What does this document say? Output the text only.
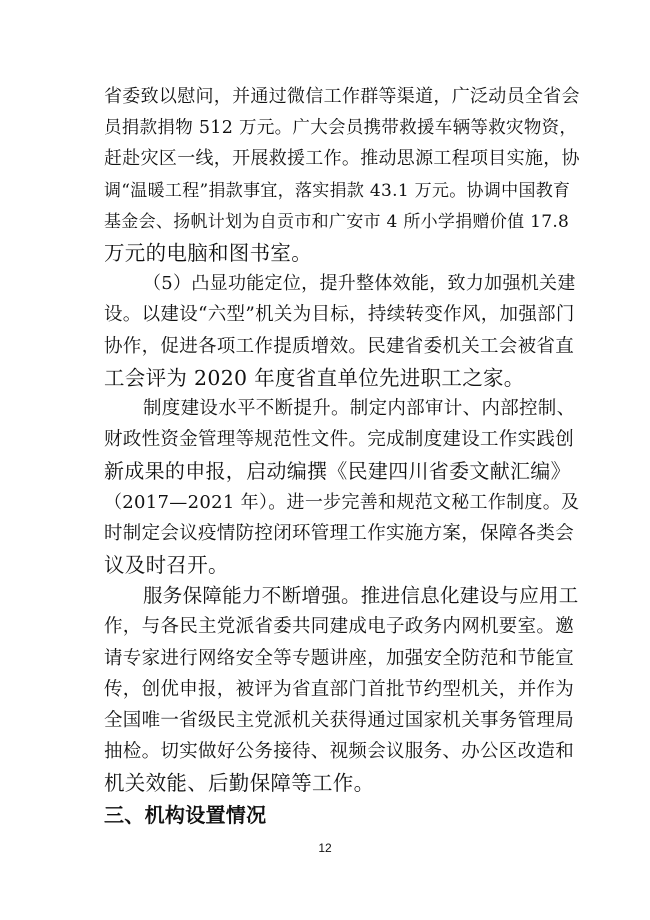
省委致以慰问，并通过微信工作群等渠道，广泛动员全省会
员捐款捐物 512 万元。广大会员携带救援车辆等救灾物资，
赶赴灾区一线，开展救援工作。推动思源工程项目实施，协
调“温暖工程”捐款事宜，落实捐款 43.1 万元。协调中国教育
基金会、扬帆计划为自贡市和广安市 4 所小学捐赠价值 17.8
万元的电脑和图书室。
（5）凸显功能定位，提升整体效能，致力加强机关建
设。以建设“六型”机关为目标，持续转变作风，加强部门
协作，促进各项工作提质增效。民建省委机关工会被省直
工会评为 2020 年度省直单位先进职工之家。
制度建设水平不断提升。制定内部审计、内部控制、
财政性资金管理等规范性文件。完成制度建设工作实践创
新成果的申报，启动编撰《民建四川省委文献汇编》
（2017—2021 年）。进一步完善和规范文秘工作制度。及
时制定会议疫情防控闭环管理工作实施方案，保障各类会
议及时召开。
服务保障能力不断增强。推进信息化建设与应用工
作，与各民主党派省委共同建成电子政务内网机要室。邀
请专家进行网络安全等专题讲座，加强安全防范和节能宣
传，创优申报，被评为省直部门首批节约型机关，并作为
全国唯一省级民主党派机关获得通过国家机关事务管理局
抽检。切实做好公务接待、视频会议服务、办公区改造和
机关效能、后勤保障等工作。
三、机构设置情况
12
